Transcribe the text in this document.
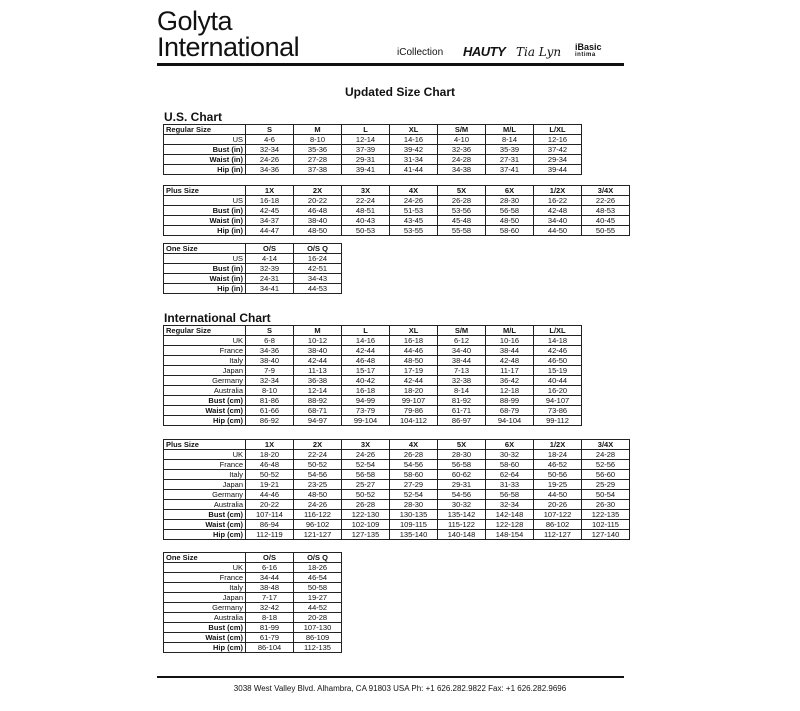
Golyta
International	iCollection HAUTY Tia Lyn iBasic
intima
Updated Size Chart
U.S. Chart
Regular Size	S	M	L	XL	S/M	M/L	L/XL
US	4-6	8-10	12-14	14-16	4-10	8-14	12-16
Bust (in)	32-34	35-36	37-39	39-42	32-36	35-39	37-42
Waist (in)	24-26	27-28	29-31	31-34	24-28	27-31	29-34
Hip (in)	34-36	37-38	39-41	41-44	34-38	37-41	39-44
Plus Size	1X	2X	3X	4X	5X	6X	1/2X	3/4X
US	16-18	20-22	22-24	24-26	26-28	28-30	16-22	22-26
Bust (in)	42-45	46-48	48-51	51-53	53-56	56-58	42-48	48-53
Waist (in)	34-37	38-40	40-43	43-45	45-48	48-50	34-40	40-45
Hip (in)	44-47	48-50	50-53	53-55	55-58	58-60	44-50	50-55
One Size	O/S	O/S Q
US	4-14	16-24
Bust (in)	32-39	42-51
Waist (in)	24-31	34-43
Hip (in)	34-41	44-53
International Chart
Regular Size	S	M	L	XL	S/M	M/L	L/XL
UK	6-8	10-12	14-16	16-18	6-12	10-16	14-18
France	34-36	38-40	42-44	44-46	34-40	38-44	42-46
Italy	38-40	42-44	46-48	48-50	38-44	42-48	46-50
Japan	7-9	11-13	15-17	17-19	7-13	11-17	15-19
Germany	32-34	36-38	40-42	42-44	32-38	36-42	40-44
Australia	8-10	12-14	16-18	18-20	8-14	12-18	16-20
Bust (cm)	81-86	88-92	94-99	99-107	81-92	88-99	94-107
Waist (cm)	61-66	68-71	73-79	79-86	61-71	68-79	73-86
Hip (cm)	86-92	94-97	99-104	104-112	86-97	94-104	99-112
Plus Size	1X	2X	3X	4X	5X	6X	1/2X	3/4X
UK	18-20	22-24	24-26	26-28	28-30	30-32	18-24	24-28
France	46-48	50-52	52-54	54-56	56-58	58-60	46-52	52-56
Italy	50-52	54-56	56-58	58-60	60-62	62-64	50-56	56-60
Japan	19-21	23-25	25-27	27-29	29-31	31-33	19-25	25-29
Germany	44-46	48-50	50-52	52-54	54-56	56-58	44-50	50-54
Australia	20-22	24-26	26-28	28-30	30-32	32-34	20-26	26-30
Bust (cm)	107-114	116-122	122-130	130-135	135-142	142-148	107-122	122-135
Waist (cm)	86-94	96-102	102-109	109-115	115-122	122-128	86-102	102-115
Hip (cm)	112-119	121-127	127-135	135-140	140-148	148-154	112-127	127-140
One Size	O/S	O/S Q
UK	6-16	18-26
France	34-44	46-54
Italy	38-48	50-58
Japan	7-17	19-27
Germany	32-42	44-52
Australia	8-18	20-28
Bust (cm)	81-99	107-130
Waist (cm)	61-79	86-109
Hip (cm)	86-104	112-135
3038 West Valley Blvd. Alhambra, CA 91803 USA Ph: +1 626.282.9822 Fax: +1 626.282.9696
